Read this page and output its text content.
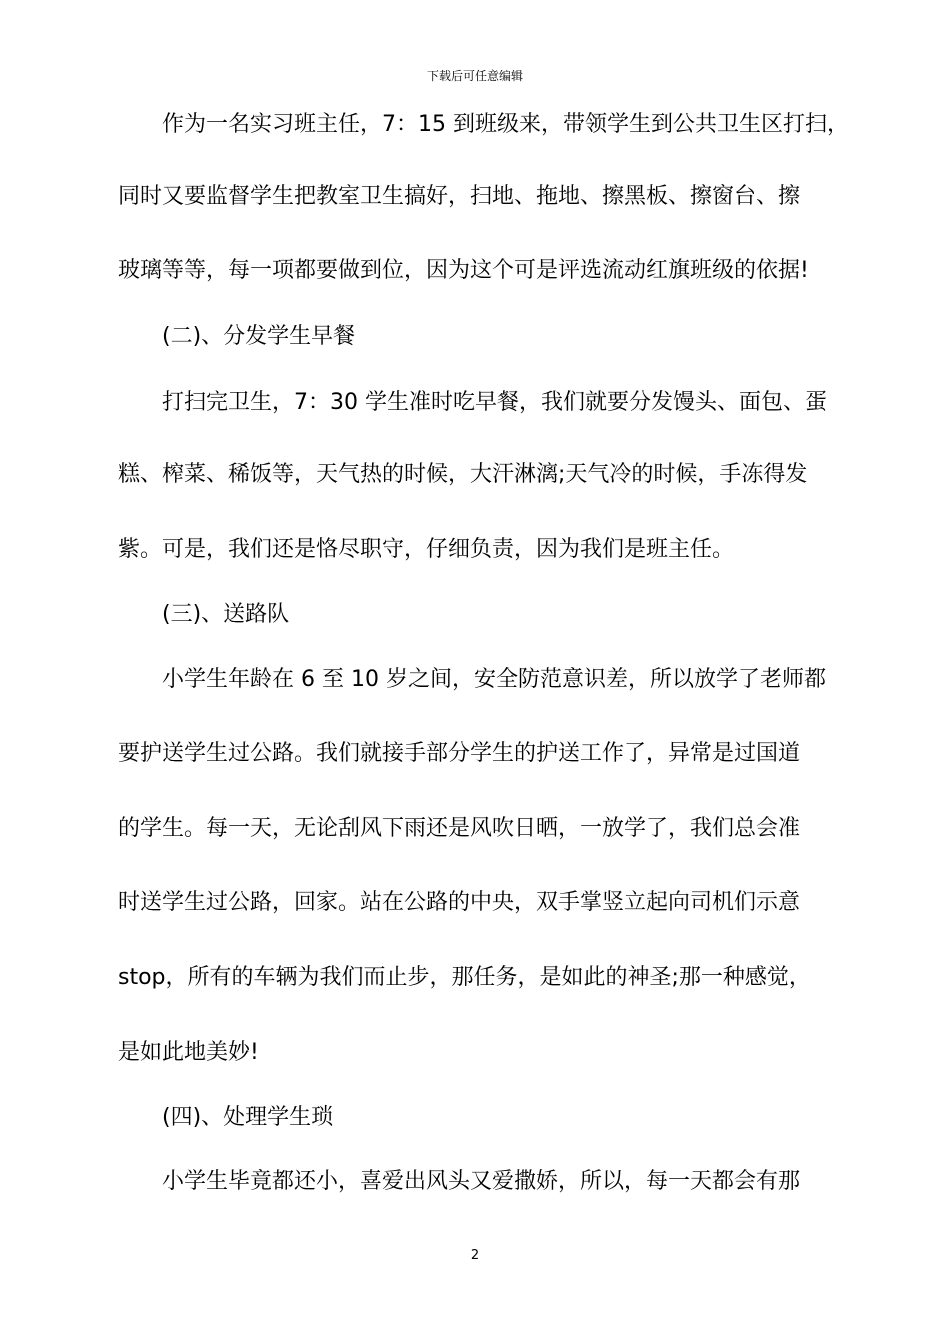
下载后可任意编辑
作为一名实习班主任，7：15 到班级来，带领学生到公共卫生区打扫，
同时又要监督学生把教室卫生搞好，扫地、拖地、擦黑板、擦窗台、擦
玻璃等等，每一项都要做到位，因为这个可是评选流动红旗班级的依据!
(二)、分发学生早餐
打扫完卫生，7：30 学生准时吃早餐，我们就要分发馒头、面包、蛋
糕、榨菜、稀饭等，天气热的时候，大汗淋漓;天气冷的时候，手冻得发
紫。可是，我们还是恪尽职守，仔细负责，因为我们是班主任。
(三)、送路队
小学生年龄在 6 至 10 岁之间，安全防范意识差，所以放学了老师都
要护送学生过公路。我们就接手部分学生的护送工作了，异常是过国道
的学生。每一天，无论刮风下雨还是风吹日晒，一放学了，我们总会准
时送学生过公路，回家。站在公路的中央，双手掌竖立起向司机们示意
stop，所有的车辆为我们而止步，那任务，是如此的神圣;那一种感觉，
是如此地美妙!
(四)、处理学生琐
小学生毕竟都还小，喜爱出风头又爱撒娇，所以，每一天都会有那
2
